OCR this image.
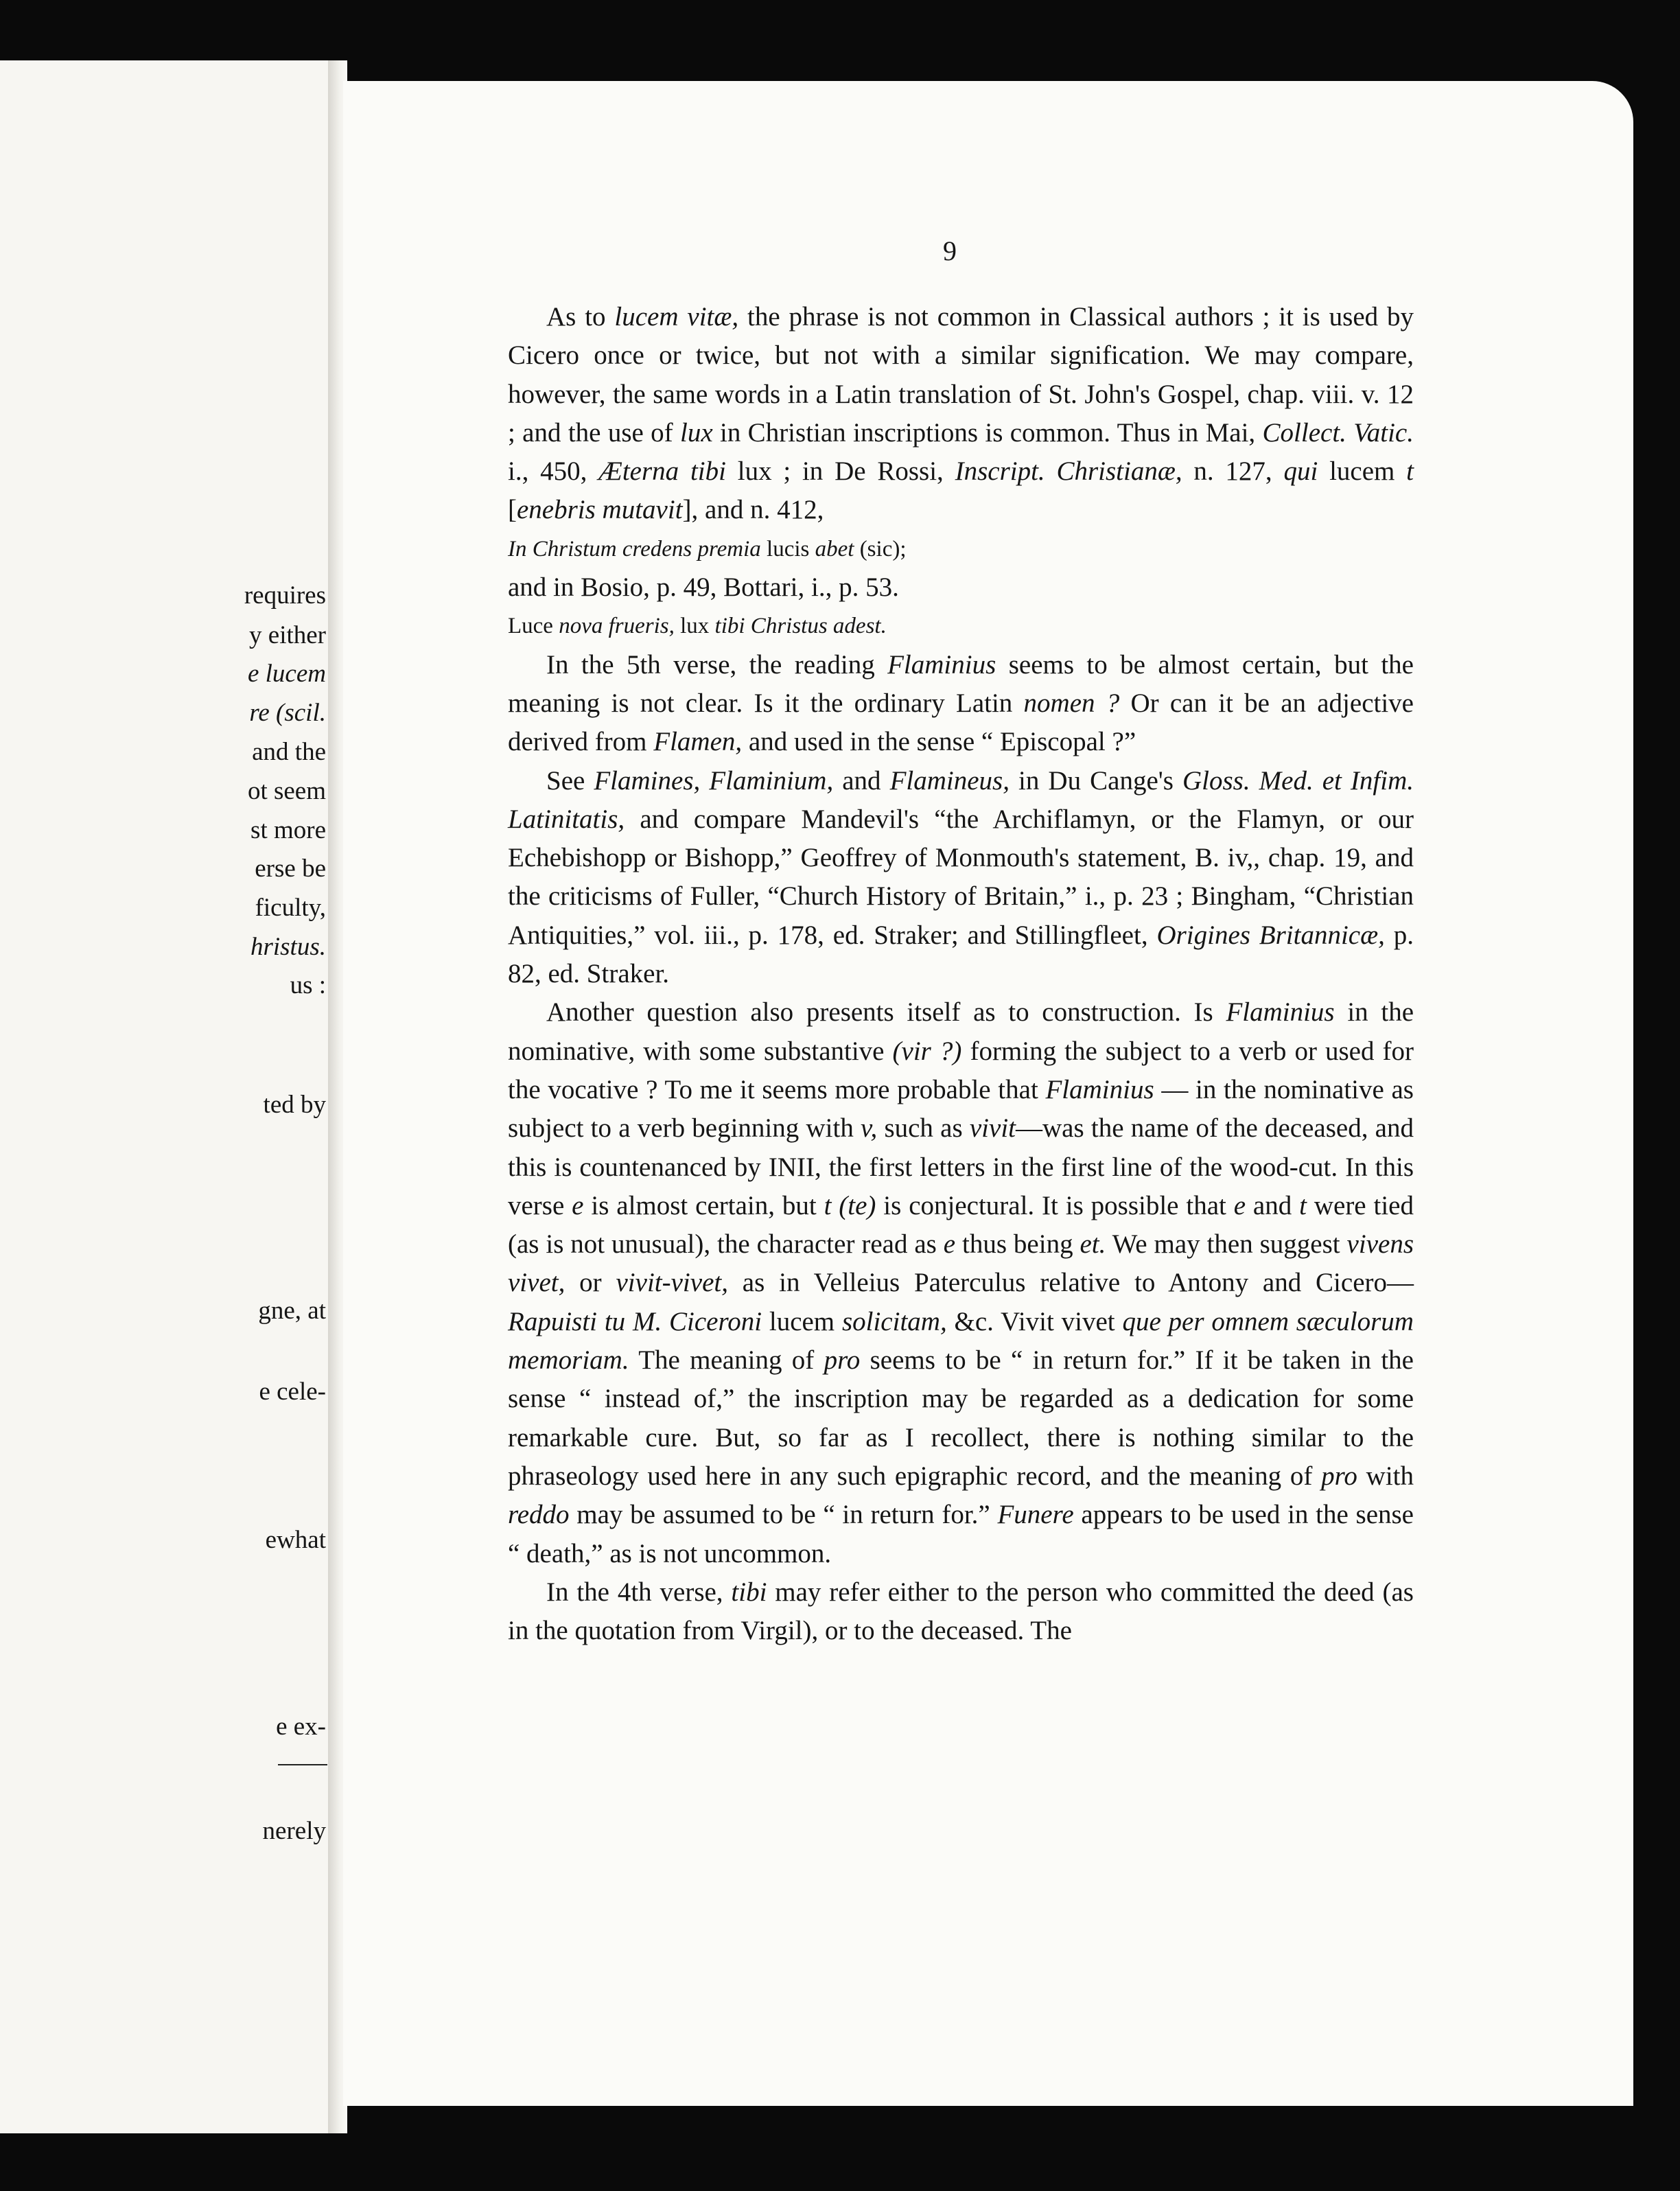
requires
y either
e lucem
re (scil.
and the
ot seem
st more
erse be
ficulty,
hristus.
us :
ted by
gne, at
e cele-
ewhat
e ex-
nerely
9

As to lucem vitæ, the phrase is not common in Classical authors ; it is used by Cicero once or twice, but not with a similar signification. We may compare, however, the same words in a Latin translation of St. John's Gospel, chap. viii. v. 12 ; and the use of lux in Christian inscriptions is common. Thus in Mai, Collect. Vatic. i., 450, Æterna tibi lux ; in De Rossi, Inscript. Christianæ, n. 127, qui lucem t [enebris mutavit], and n. 412,

In Christum credens premia lucis abet (sic);

and in Bosio, p. 49, Bottari, i., p. 53.

Luce nova frueris, lux tibi Christus adest.

In the 5th verse, the reading Flaminius seems to be almost certain, but the meaning is not clear. Is it the ordinary Latin nomen ? Or can it be an adjective derived from Flamen, and used in the sense “ Episcopal ?”

See Flamines, Flaminium, and Flamineus, in Du Cange's Gloss. Med. et Infim. Latinitatis, and compare Mandevil's “the Archiflamyn, or the Flamyn, or our Echebishopp or Bishopp,” Geoffrey of Monmouth's statement, B. iv,, chap. 19, and the criticisms of Fuller, “Church History of Britain,” i., p. 23 ; Bingham, “Christian Antiquities,” vol. iii., p. 178, ed. Straker; and Stillingfleet, Origines Britannicæ, p. 82, ed. Straker.

Another question also presents itself as to construction. Is Flaminius in the nominative, with some substantive (vir ?) forming the subject to a verb or used for the vocative ? To me it seems more probable that Flaminius — in the nominative as subject to a verb beginning with v, such as vivit—was the name of the deceased, and this is countenanced by INII, the first letters in the first line of the wood-cut. In this verse e is almost certain, but t (te) is conjectural. It is possible that e and t were tied (as is not unusual), the character read as e thus being et. We may then suggest vivens vivet, or vivit-vivet, as in Velleius Paterculus relative to Antony and Cicero—Rapuisti tu M. Ciceroni lucem solicitam, &c. Vivit vivet que per omnem sæculorum memoriam. The meaning of pro seems to be “ in return for.” If it be taken in the sense “ instead of,” the inscription may be regarded as a dedication for some remarkable cure. But, so far as I recollect, there is nothing similar to the phraseology used here in any such epigraphic record, and the meaning of pro with reddo may be assumed to be “ in return for.” Funere appears to be used in the sense “ death,” as is not uncommon.

In the 4th verse, tibi may refer either to the person who committed the deed (as in the quotation from Virgil), or to the deceased. The
